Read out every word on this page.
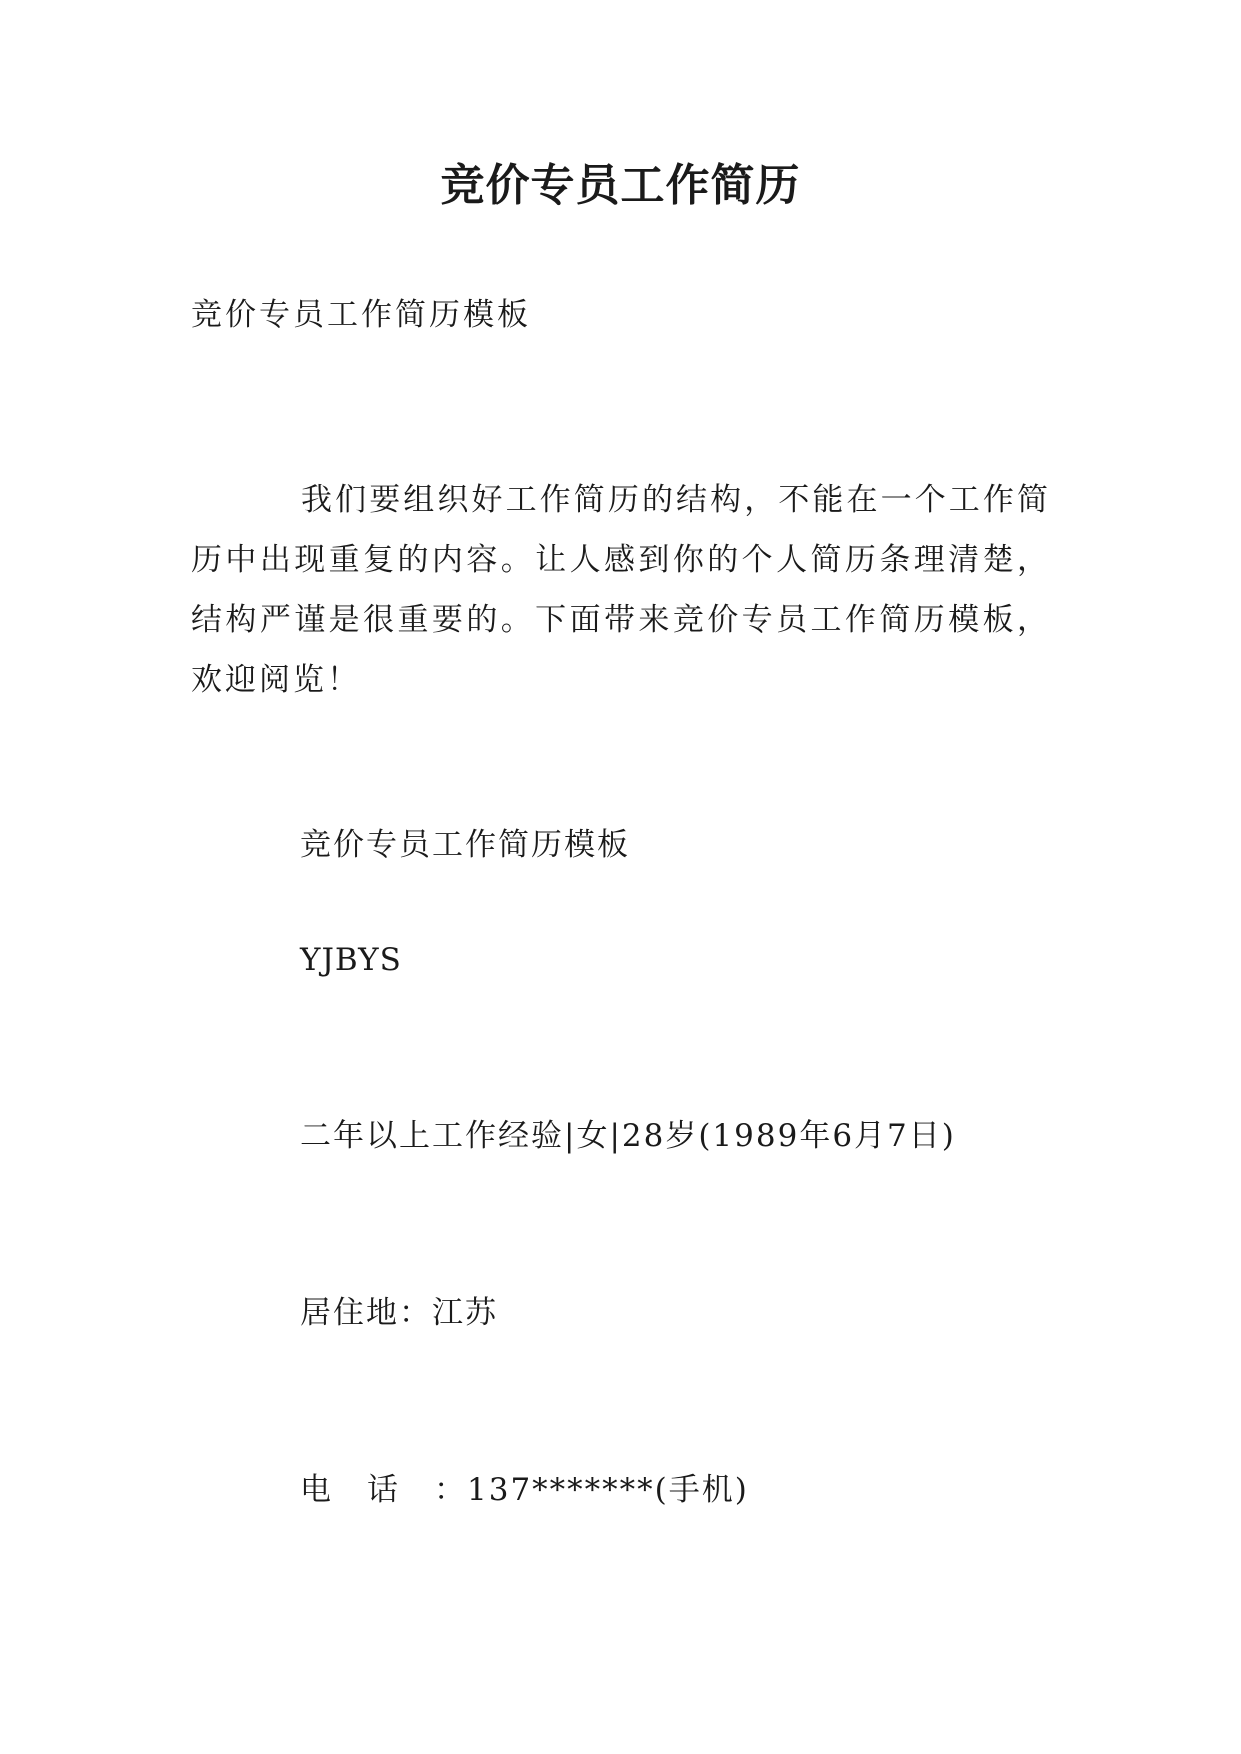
竞价专员工作简历
竞价专员工作简历模板

我们要组织好工作简历的结构，不能在一个工作简历中出现重复的内容。让人感到你的个人简历条理清楚，结构严谨是很重要的。下面带来竞价专员工作简历模板，欢迎阅览！

竞价专员工作简历模板
YJBYS
二年以上工作经验|女|28岁(1989年6月7日)
居住地：江苏
电话：137*******(手机)
